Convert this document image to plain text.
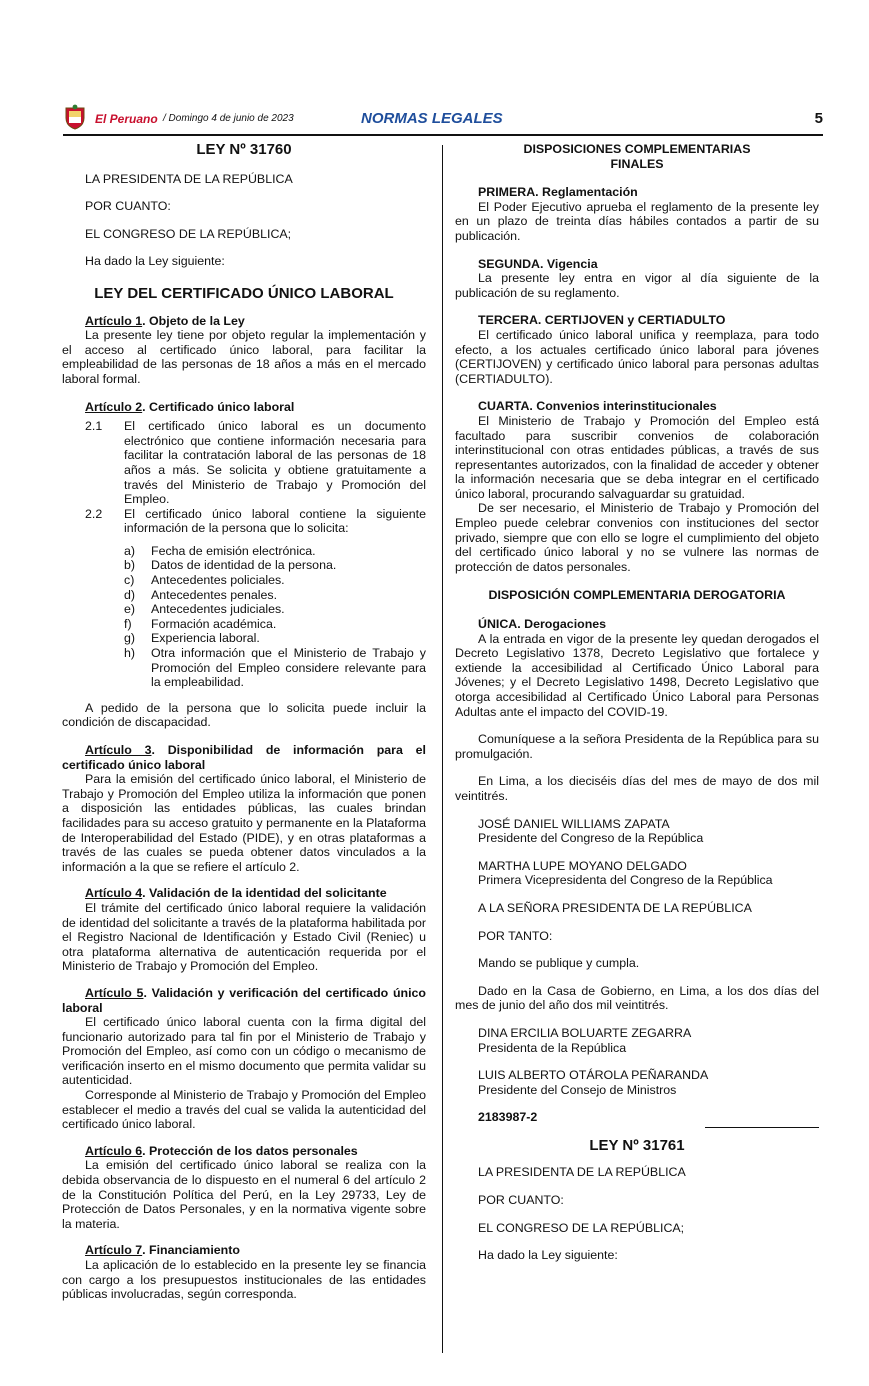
El Peruano / Domingo 4 de junio de 2023	NORMAS LEGALES	5

LEY Nº 31760

LA PRESIDENTA DE LA REPÚBLICA

POR CUANTO:

EL CONGRESO DE LA REPÚBLICA;

Ha dado la Ley siguiente:

LEY DEL CERTIFICADO ÚNICO LABORAL

Artículo 1. Objeto de la Ley

La presente ley tiene por objeto regular la implementación y el acceso al certificado único laboral, para facilitar la empleabilidad de las personas de 18 años a más en el mercado laboral formal.

Artículo 2. Certificado único laboral

2.1	El certificado único laboral es un documento electrónico que contiene información necesaria para facilitar la contratación laboral de las personas de 18 años a más. Se solicita y obtiene gratuitamente a través del Ministerio de Trabajo y Promoción del Empleo.
2.2	El certificado único laboral contiene la siguiente información de la persona que lo solicita:
a)	Fecha de emisión electrónica.
b)	Datos de identidad de la persona.
c)	Antecedentes policiales.
d)	Antecedentes penales.
e)	Antecedentes judiciales.
f)	Formación académica.
g)	Experiencia laboral.
h)	Otra información que el Ministerio de Trabajo y Promoción del Empleo considere relevante para la empleabilidad.

A pedido de la persona que lo solicita puede incluir la condición de discapacidad.

Artículo 3. Disponibilidad de información para el certificado único laboral

Para la emisión del certificado único laboral, el Ministerio de Trabajo y Promoción del Empleo utiliza la información que ponen a disposición las entidades públicas, las cuales brindan facilidades para su acceso gratuito y permanente en la Plataforma de Interoperabilidad del Estado (PIDE), y en otras plataformas a través de las cuales se pueda obtener datos vinculados a la información a la que se refiere el artículo 2.

Artículo 4. Validación de la identidad del solicitante

El trámite del certificado único laboral requiere la validación de identidad del solicitante a través de la plataforma habilitada por el Registro Nacional de Identificación y Estado Civil (Reniec) u otra plataforma alternativa de autenticación requerida por el Ministerio de Trabajo y Promoción del Empleo.

Artículo 5. Validación y verificación del certificado único laboral

El certificado único laboral cuenta con la firma digital del funcionario autorizado para tal fin por el Ministerio de Trabajo y Promoción del Empleo, así como con un código o mecanismo de verificación inserto en el mismo documento que permita validar su autenticidad.

Corresponde al Ministerio de Trabajo y Promoción del Empleo establecer el medio a través del cual se valida la autenticidad del certificado único laboral.

Artículo 6. Protección de los datos personales

La emisión del certificado único laboral se realiza con la debida observancia de lo dispuesto en el numeral 6 del artículo 2 de la Constitución Política del Perú, en la Ley 29733, Ley de Protección de Datos Personales, y en la normativa vigente sobre la materia.

Artículo 7. Financiamiento

La aplicación de lo establecido en la presente ley se financia con cargo a los presupuestos institucionales de las entidades públicas involucradas, según corresponda.

DISPOSICIONES COMPLEMENTARIAS

FINALES

PRIMERA. Reglamentación

El Poder Ejecutivo aprueba el reglamento de la presente ley en un plazo de treinta días hábiles contados a partir de su publicación.

SEGUNDA. Vigencia

La presente ley entra en vigor al día siguiente de la publicación de su reglamento.

TERCERA. CERTIJOVEN y CERTIADULTO

El certificado único laboral unifica y reemplaza, para todo efecto, a los actuales certificado único laboral para jóvenes (CERTIJOVEN) y certificado único laboral para personas adultas (CERTIADULTO).

CUARTA. Convenios interinstitucionales

El Ministerio de Trabajo y Promoción del Empleo está facultado para suscribir convenios de colaboración interinstitucional con otras entidades públicas, a través de sus representantes autorizados, con la finalidad de acceder y obtener la información necesaria que se deba integrar en el certificado único laboral, procurando salvaguardar su gratuidad.

De ser necesario, el Ministerio de Trabajo y Promoción del Empleo puede celebrar convenios con instituciones del sector privado, siempre que con ello se logre el cumplimiento del objeto del certificado único laboral y no se vulnere las normas de protección de datos personales.

DISPOSICIÓN COMPLEMENTARIA DEROGATORIA

ÚNICA. Derogaciones

A la entrada en vigor de la presente ley quedan derogados el Decreto Legislativo 1378, Decreto Legislativo que fortalece y extiende la accesibilidad al Certificado Único Laboral para Jóvenes; y el Decreto Legislativo 1498, Decreto Legislativo que otorga accesibilidad al Certificado Único Laboral para Personas Adultas ante el impacto del COVID-19.

Comuníquese a la señora Presidenta de la República para su promulgación.

En Lima, a los dieciséis días del mes de mayo de dos mil veintitrés.

JOSÉ DANIEL WILLIAMS ZAPATA

Presidente del Congreso de la República

MARTHA LUPE MOYANO DELGADO

Primera Vicepresidenta del Congreso de la República

A LA SEÑORA PRESIDENTA DE LA REPÚBLICA

POR TANTO:

Mando se publique y cumpla.

Dado en la Casa de Gobierno, en Lima, a los dos días del mes de junio del año dos mil veintitrés.

DINA ERCILIA BOLUARTE ZEGARRA

Presidenta de la República

LUIS ALBERTO OTÁROLA PEÑARANDA

Presidente del Consejo de Ministros

2183987-2

LEY Nº 31761

LA PRESIDENTA DE LA REPÚBLICA

POR CUANTO:

EL CONGRESO DE LA REPÚBLICA;

Ha dado la Ley siguiente:
